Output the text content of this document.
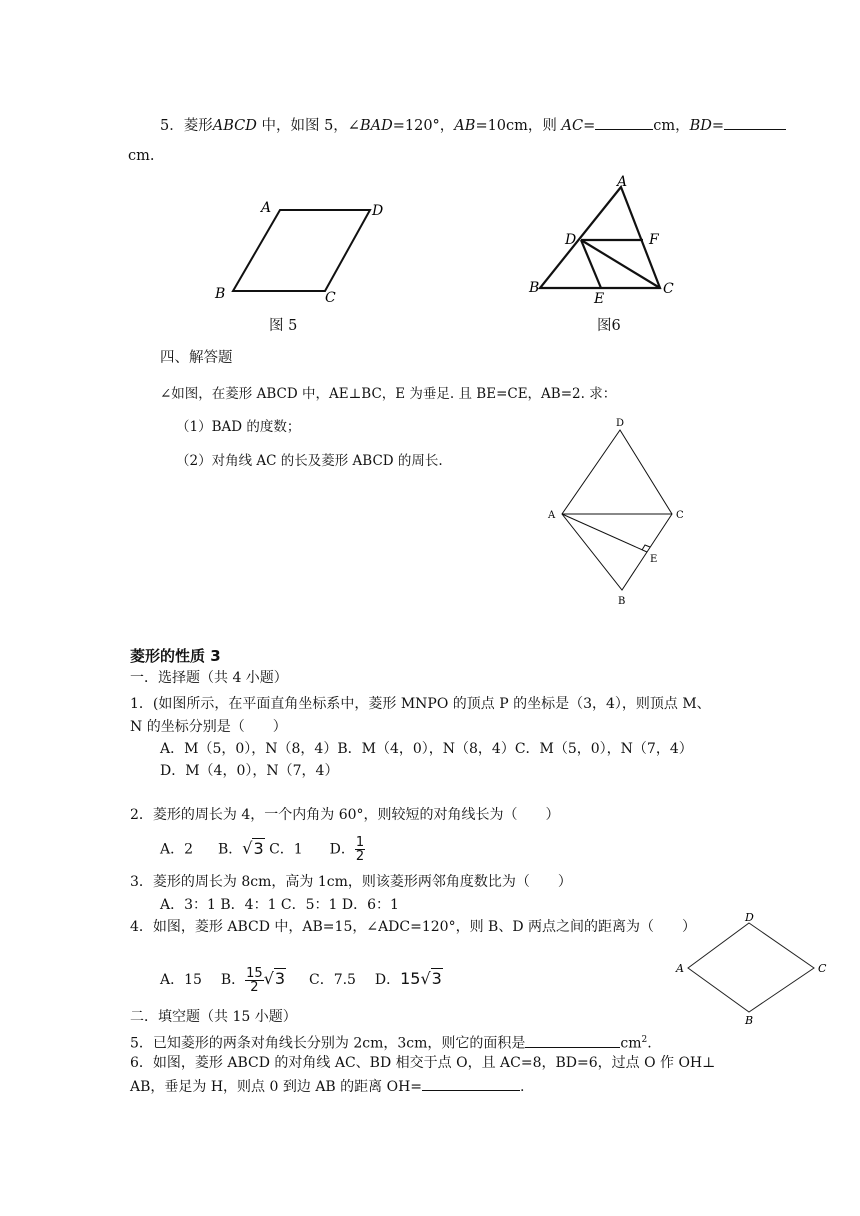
5．菱形ABCD 中，如图 5，∠BAD=120°，AB=10cm，则 AC=	cm，BD=
cm.
A	D
B	C
图 5
A
D	F
B
E
C
图6
四、解答题
∠如图，在菱形 ABCD 中，AE⊥BC，E 为垂足. 且 BE=CE，AB=2. 求：
（1）BAD 的度数；
（2）对角线 AC 的长及菱形 ABCD 的周长.
D
A	C
E
B
菱形的性质 3
一．选择题（共 4 小题）
1．(如图所示，在平面直角坐标系中，菱形 MNPO 的顶点 P 的坐标是（3，4），则顶点 M、
N 的坐标分别是（　　）
A．M（5，0），N（8，4）B．M（4，0），N（8，4）C．M（5，0），N（7，4）
D．M（4，0），N（7，4）
2．菱形的周长为 4，一个内角为 60°，则较短的对角线长为（　　）
A．2 B．√3 C．1 D． $\frac{1}{2}$
3．菱形的周长为 8cm，高为 1cm，则该菱形两邻角度数比为（　　）
A．3：1 B．4：1 C．5：1 D．6：1
4．如图，菱形 ABCD 中，AB=15，∠ADC=120°，则 B、D 两点之间的距离为（　　）
A．15 B． $\frac{15}{2} √3$ C．7.5 D．15√3
D
A	C
B
二．填空题（共 15 小题）
5．已知菱形的两条对角线长分别为 2cm，3cm，则它的面积是	$cm^2$.
6．如图，菱形 ABCD 的对角线 AC、BD 相交于点 O，且 AC=8，BD=6，过点 O 作 OH⊥
AB，垂足为 H，则点 0 到边 AB 的距离 OH=	.
